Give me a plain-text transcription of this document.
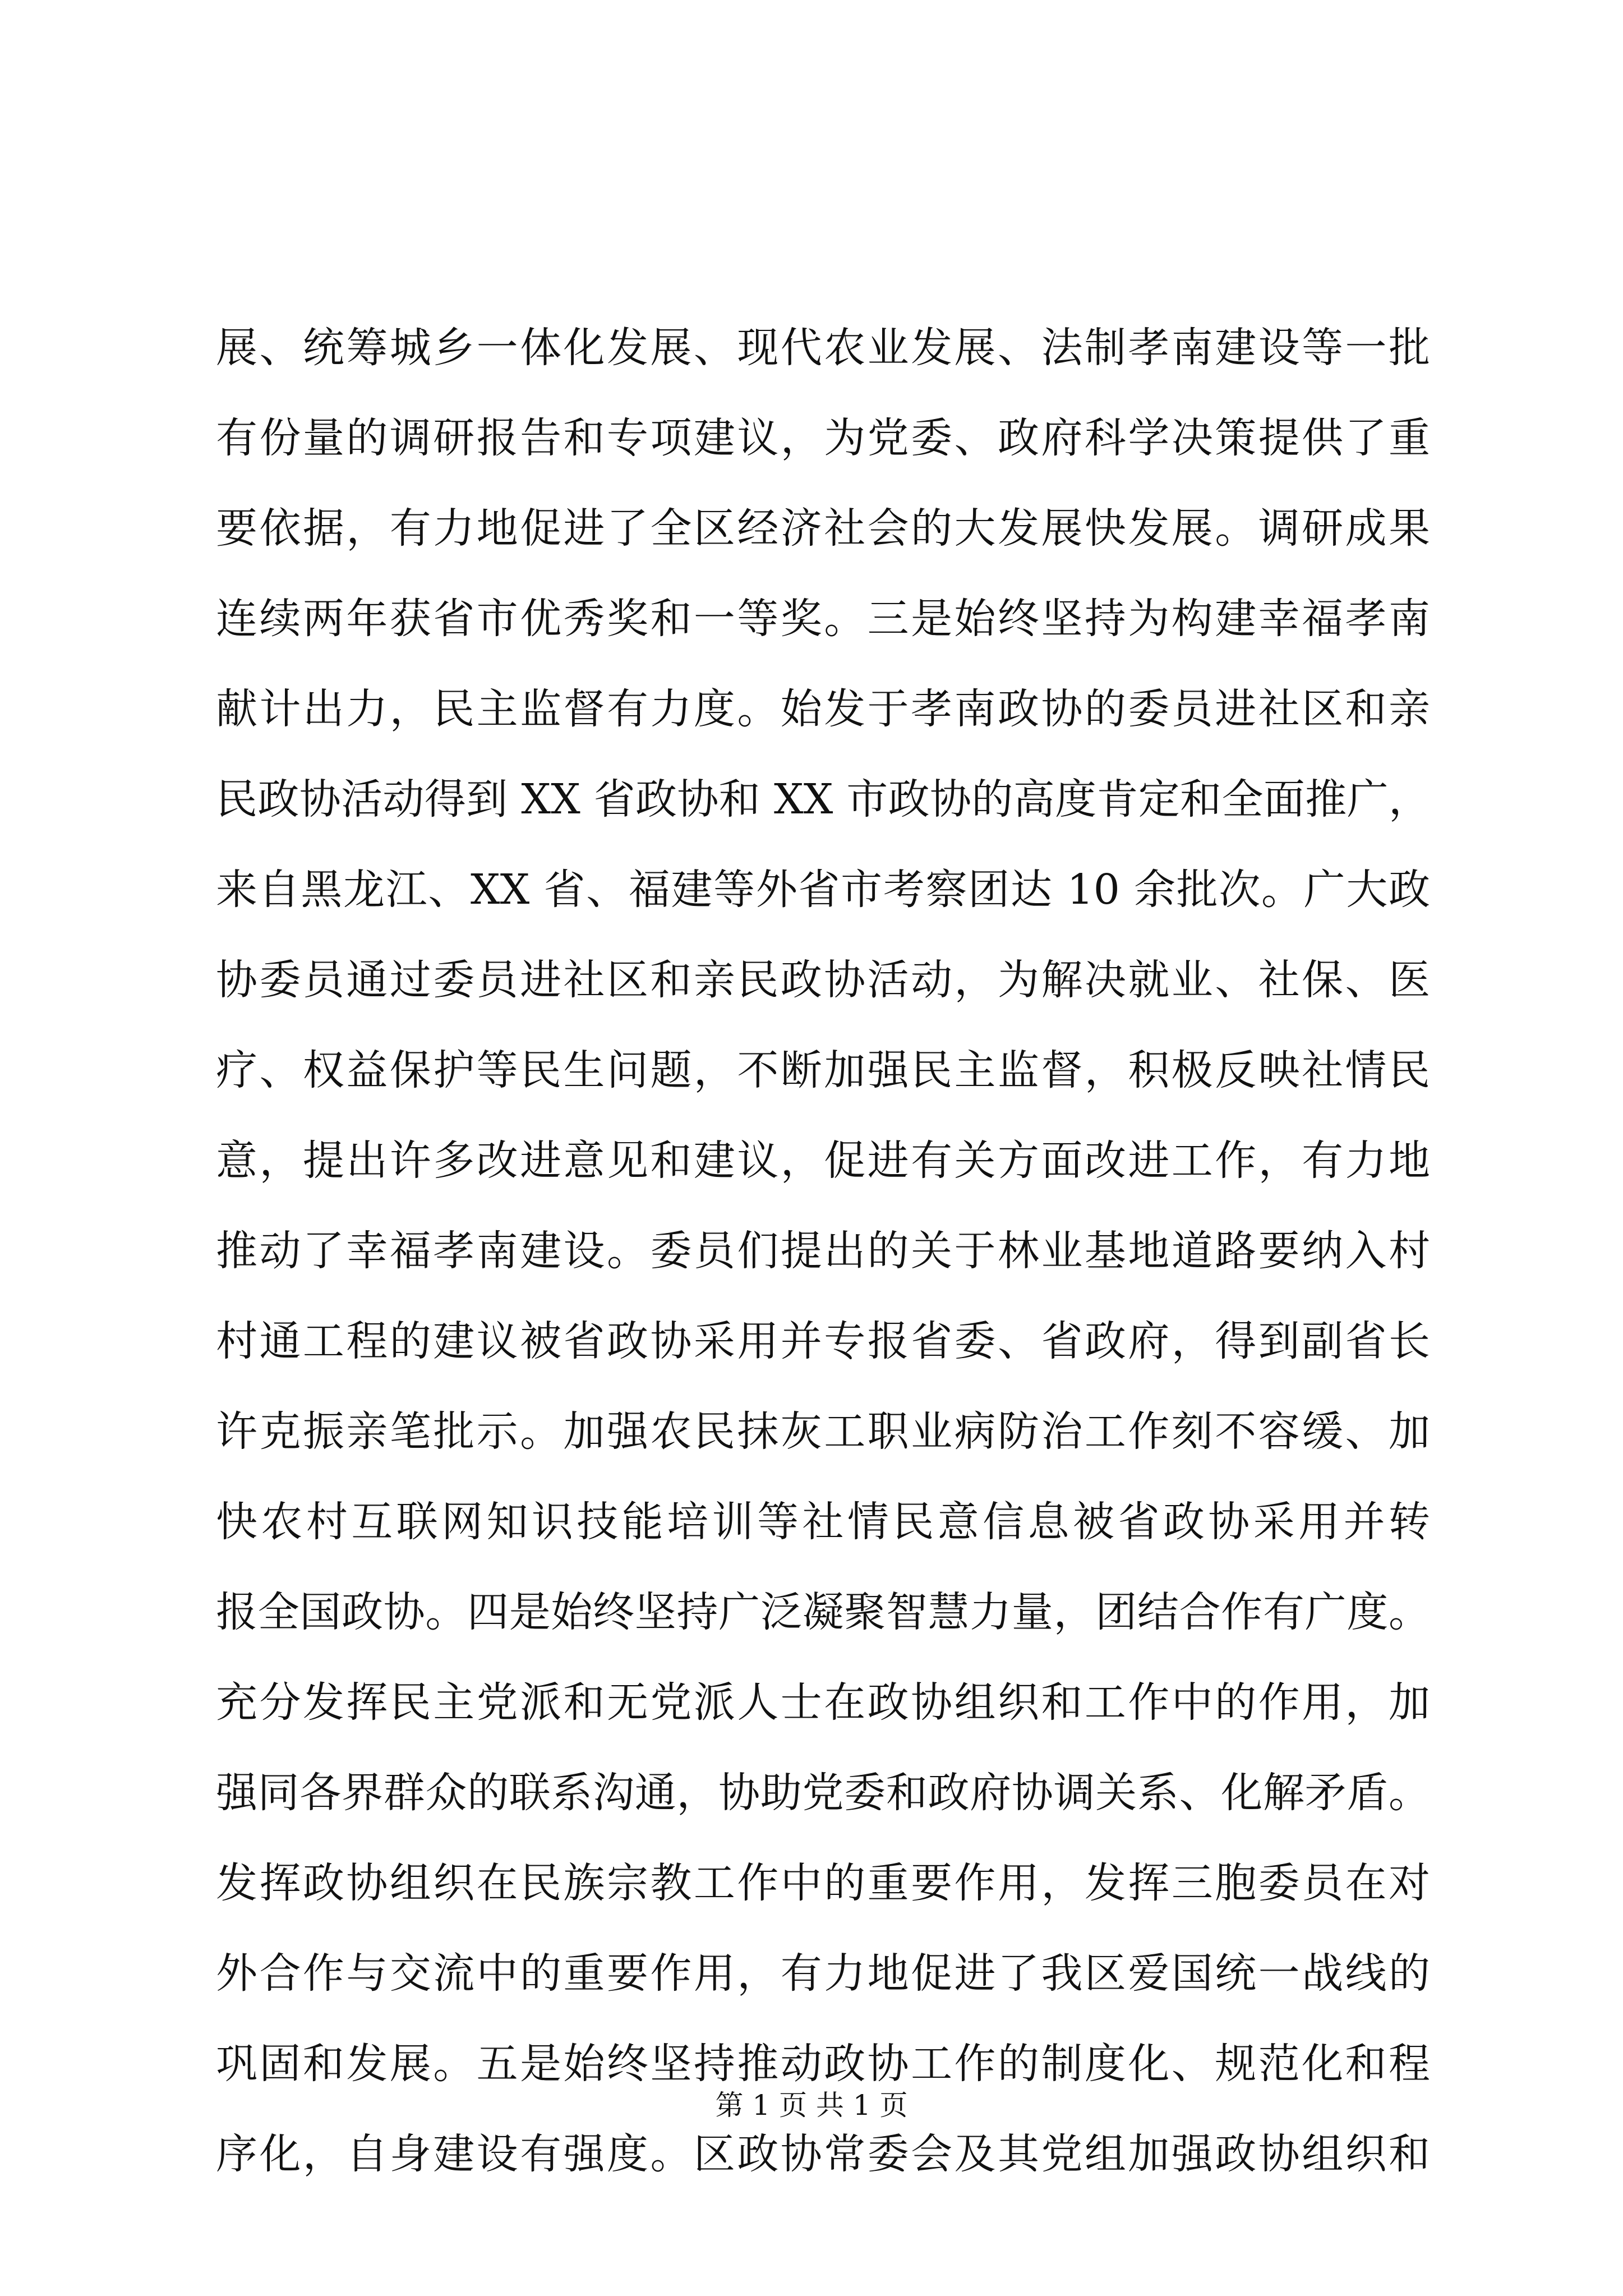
展、统筹城乡一体化发展、现代农业发展、法制孝南建设等一批
有份量的调研报告和专项建议，为党委、政府科学决策提供了重
要依据，有力地促进了全区经济社会的大发展快发展。调研成果
连续两年获省市优秀奖和一等奖。三是始终坚持为构建幸福孝南
献计出力，民主监督有力度。始发于孝南政协的委员进社区和亲
民政协活动得到 XX 省政协和 XX 市政协的高度肯定和全面推广，
来自黑龙江、XX 省、福建等外省市考察团达 10 余批次。广大政
协委员通过委员进社区和亲民政协活动，为解决就业、社保、医
疗、权益保护等民生问题，不断加强民主监督，积极反映社情民
意，提出许多改进意见和建议，促进有关方面改进工作，有力地
推动了幸福孝南建设。委员们提出的关于林业基地道路要纳入村
村通工程的建议被省政协采用并专报省委、省政府，得到副省长
许克振亲笔批示。加强农民抹灰工职业病防治工作刻不容缓、加
快农村互联网知识技能培训等社情民意信息被省政协采用并转
报全国政协。四是始终坚持广泛凝聚智慧力量，团结合作有广度。
充分发挥民主党派和无党派人士在政协组织和工作中的作用，加
强同各界群众的联系沟通，协助党委和政府协调关系、化解矛盾。
发挥政协组织在民族宗教工作中的重要作用，发挥三胞委员在对
外合作与交流中的重要作用，有力地促进了我区爱国统一战线的
巩固和发展。五是始终坚持推动政协工作的制度化、规范化和程
序化，自身建设有强度。区政协常委会及其党组加强政协组织和
第 1 页 共 1 页
